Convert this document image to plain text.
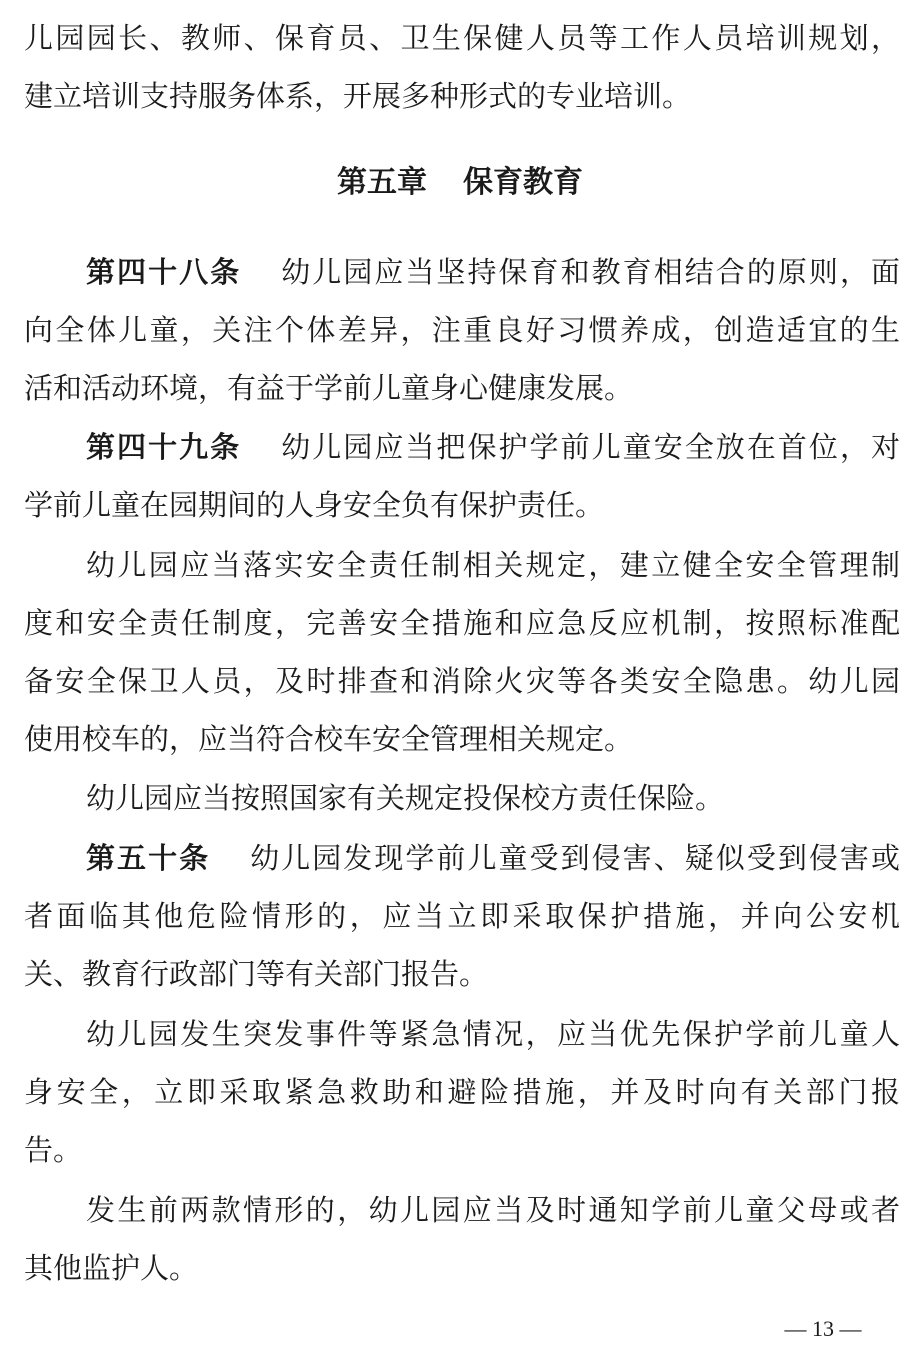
儿园园长、教师、保育员、卫生保健人员等工作人员培训规划，
建立培训支持服务体系，开展多种形式的专业培训。
第五章 保育教育
第四十八条 幼儿园应当坚持保育和教育相结合的原则，面
向全体儿童，关注个体差异，注重良好习惯养成，创造适宜的生
活和活动环境，有益于学前儿童身心健康发展。
第四十九条 幼儿园应当把保护学前儿童安全放在首位，对
学前儿童在园期间的人身安全负有保护责任。
幼儿园应当落实安全责任制相关规定，建立健全安全管理制
度和安全责任制度，完善安全措施和应急反应机制，按照标准配
备安全保卫人员，及时排查和消除火灾等各类安全隐患。幼儿园
使用校车的，应当符合校车安全管理相关规定。
幼儿园应当按照国家有关规定投保校方责任保险。
第五十条 幼儿园发现学前儿童受到侵害、疑似受到侵害或
者面临其他危险情形的，应当立即采取保护措施，并向公安机
关、教育行政部门等有关部门报告。
幼儿园发生突发事件等紧急情况，应当优先保护学前儿童人
身安全，立即采取紧急救助和避险措施，并及时向有关部门报
告。
发生前两款情形的，幼儿园应当及时通知学前儿童父母或者
其他监护人。
— 13 —
